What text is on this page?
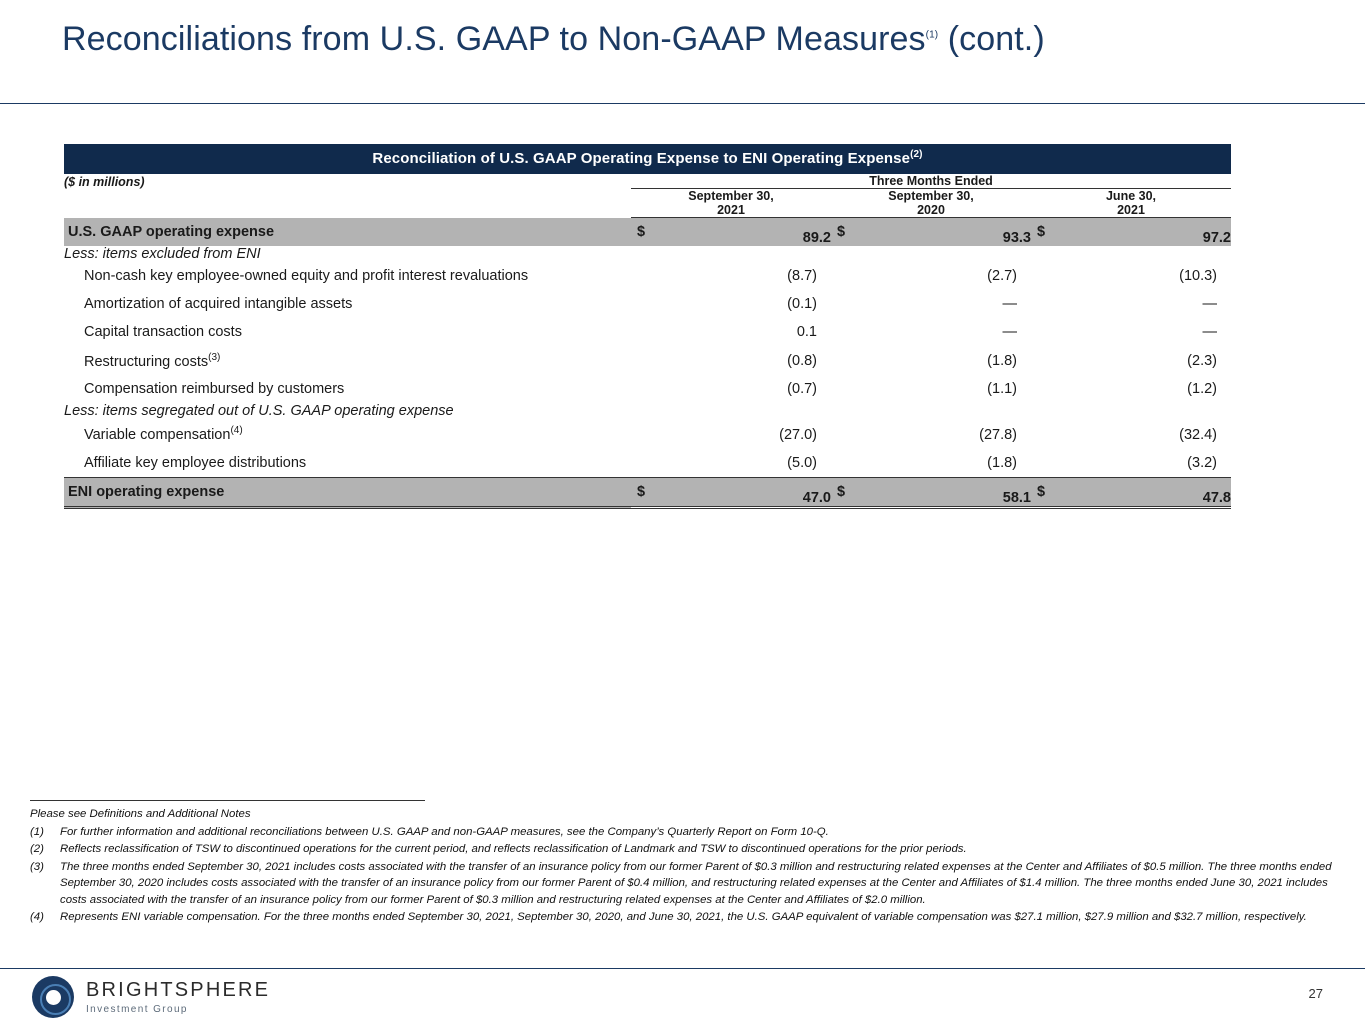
Reconciliations from U.S. GAAP to Non-GAAP Measures$^{(1)}$ (cont.)
Reconciliation of U.S. GAAP Operating Expense to ENI Operating Expense$^{(2)}$
($ in millions)	Three Months Ended		
	September 30,	September 30,	June 30,
	2021	2020	2021
U.S. GAAP operating expense	$ 89.2	$ 93.3	$ 97.2
Less: items excluded from ENI			
Non-cash key employee-owned equity and profit interest revaluations	(8.7)	(2.7)	(10.3)
Amortization of acquired intangible assets	(0.1)	—	—
Capital transaction costs	0.1	—	—
Restructuring costs$^{(3)}$	(0.8)	(1.8)	(2.3)
Compensation reimbursed by customers	(0.7)	(1.1)	(1.2)
Less: items segregated out of U.S. GAAP operating expense			
Variable compensation$^{(4)}$	(27.0)	(27.8)	(32.4)
Affiliate key employee distributions	(5.0)	(1.8)	(3.2)
ENI operating expense	$ 47.0	$ 58.1	$ 47.8
Please see Definitions and Additional Notes
(1)	For further information and additional reconciliations between U.S. GAAP and non-GAAP measures, see the Company’s Quarterly Report on Form 10-Q.
(2)	Reflects reclassification of TSW to discontinued operations for the current period, and reflects reclassification of Landmark and TSW to discontinued operations for the prior periods.
(3)	The three months ended September 30, 2021 includes costs associated with the transfer of an insurance policy from our former Parent of $0.3 million and restructuring related expenses at the Center and Affiliates of $0.5 million. The three months ended September 30, 2020 includes costs associated with the transfer of an insurance policy from our former Parent of $0.4 million, and restructuring related expenses at the Center and Affiliates of $1.4 million. The three months ended June 30, 2021 includes costs associated with the transfer of an insurance policy from our former Parent of $0.3 million and restructuring related expenses at the Center and Affiliates of $2.0 million.
(4)	Represents ENI variable compensation. For the three months ended September 30, 2021, September 30, 2020, and June 30, 2021, the U.S. GAAP equivalent of variable compensation was $27.1 million, $27.9 million and $32.7 million, respectively.
BRIGHTSPHERE
Investment Group
27
